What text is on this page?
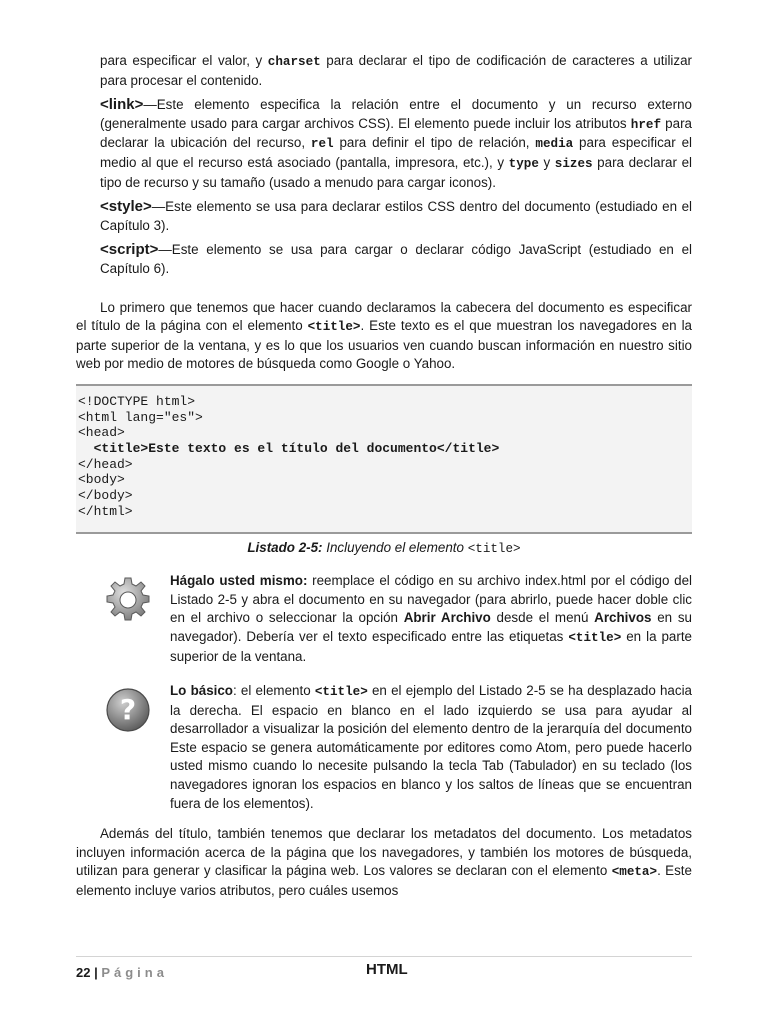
para especificar el valor, y charset para declarar el tipo de codificación de caracteres a utilizar para procesar el contenido.

<link>—Este elemento especifica la relación entre el documento y un recurso externo (generalmente usado para cargar archivos CSS). El elemento puede incluir los atributos href para declarar la ubicación del recurso, rel para definir el tipo de relación, media para especificar el medio al que el recurso está asociado (pantalla, impresora, etc.), y type y sizes para declarar el tipo de recurso y su tamaño (usado a menudo para cargar iconos).

<style>—Este elemento se usa para declarar estilos CSS dentro del documento (estudiado en el Capítulo 3).

<script>—Este elemento se usa para cargar o declarar código JavaScript (estudiado en el Capítulo 6).

Lo primero que tenemos que hacer cuando declaramos la cabecera del documento es especificar el título de la página con el elemento <title>. Este texto es el que muestran los navegadores en la parte superior de la ventana, y es lo que los usuarios ven cuando buscan información en nuestro sitio web por medio de motores de búsqueda como Google o Yahoo.

<!DOCTYPE html>
<html lang="es">
<head>
<title>Este texto es el título del documento</title>
</head>
<body>
</body>
</html>
Listado 2-5: Incluyendo el elemento <title>

Hágalo usted mismo: reemplace el código en su archivo index.html por el código del Listado 2-5 y abra el documento en su navegador (para abrirlo, puede hacer doble clic en el archivo o seleccionar la opción Abrir Archivo desde el menú Archivos en su navegador). Debería ver el texto especificado entre las etiquetas <title> en la parte superior de la ventana.

?

Lo básico: el elemento <title> en el ejemplo del Listado 2-5 se ha desplazado hacia la derecha. El espacio en blanco en el lado izquierdo se usa para ayudar al desarrollador a visualizar la posición del elemento dentro de la jerarquía del documento Este espacio se genera automáticamente por editores como Atom, pero puede hacerlo usted mismo cuando lo necesite pulsando la tecla Tab (Tabulador) en su teclado (los navegadores ignoran los espacios en blanco y los saltos de líneas que se encuentran fuera de los elementos).

Además del título, también tenemos que declarar los metadatos del documento. Los metadatos incluyen información acerca de la página que los navegadores, y también los motores de búsqueda, utilizan para generar y clasificar la página web. Los valores se declaran con el elemento <meta>. Este elemento incluye varios atributos, pero cuáles usemos

22 | Página	HTML
